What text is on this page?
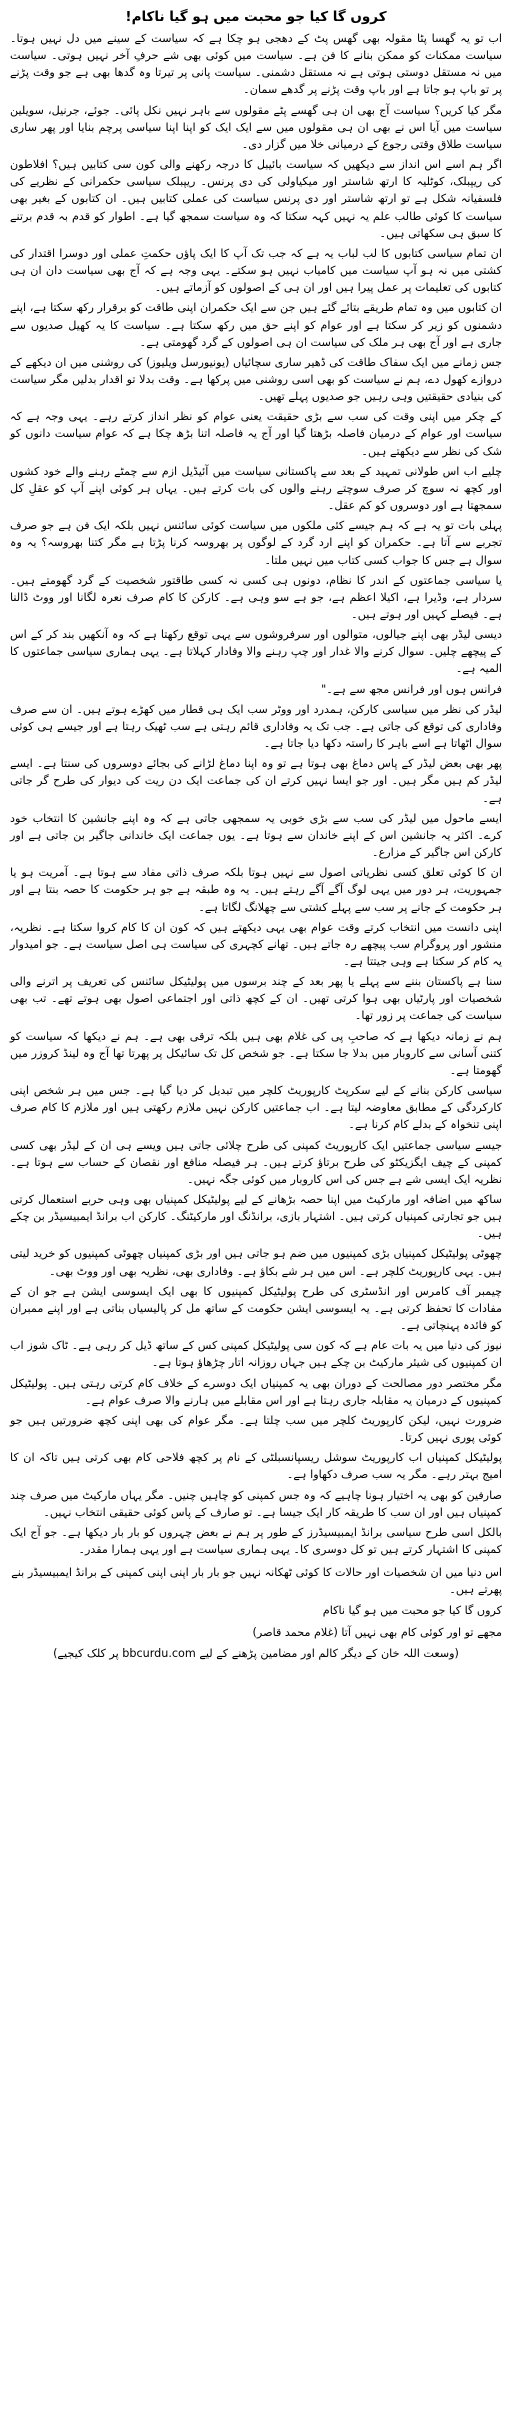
کروں گا کیا جو محبت میں ہو گیا ناکام!

اب تو یہ گھسا پٹا مقولہ بھی گھس پٹ کے دھجی ہو چکا ہے کہ سیاست کے سینے میں دل نہیں ہوتا۔ سیاست ممکنات کو ممکن بنانے کا فن ہے۔ سیاست میں کوئی بھی شے حرفِ آخر نہیں ہوتی۔ سیاست میں نہ مستقل دوستی ہوتی ہے نہ مستقل دشمنی۔ سیاست پانی پر تیرتا وہ گدھا بھی ہے جو وقت پڑنے پر تو باپ ہو جاتا ہے اور باپ وقت پڑنے پر گدھے سمان۔

مگر کیا کریں؟ سیاست آج بھی ان ہی گھسے پٹے مقولوں سے باہر نہیں نکل پائی۔ جوئے، جرنیل، سویلین سیاست میں آیا اس نے بھی ان ہی مقولوں میں سے ایک ایک کو اپنا اپنا سیاسی پرچم بنایا اور پھر ساری سیاست طلاق وقتی رجوع کے درمیانی خلا میں گزار دی۔

اگر ہم اسے اس انداز سے دیکھیں کہ سیاست بائیبل کا درجہ رکھنے والی کون سی کتابیں ہیں؟ افلاطون کی ریپبلک، کوٹلیہ کا ارتھ شاستر اور میکیاولی کی دی پرنس۔ ریپبلک سیاسی حکمرانی کے نظریے کی فلسفیانہ شکل ہے تو ارتھ شاستر اور دی پرنس سیاست کی عملی کتابیں ہیں۔ ان کتابوں کے بغیر بھی سیاست کا کوئی طالب علم یہ نہیں کہہ سکتا کہ وہ سیاست سمجھ گیا ہے۔ اطوار کو قدم بہ قدم برتنے کا سبق ہی سکھاتی ہیں۔

ان تمام سیاسی کتابوں کا لب لباب یہ ہے کہ جب تک آپ کا ایک پاؤں حکمتِ عملی اور دوسرا اقتدار کی کشتی میں نہ ہو آپ سیاست میں کامیاب نہیں ہو سکتے۔ یہی وجہ ہے کہ آج بھی سیاست دان ان ہی کتابوں کی تعلیمات پر عمل پیرا ہیں اور ان ہی کے اصولوں کو آزماتے ہیں۔

ان کتابوں میں وہ تمام طریقے بتائے گئے ہیں جن سے ایک حکمران اپنی طاقت کو برقرار رکھ سکتا ہے، اپنے دشمنوں کو زیر کر سکتا ہے اور عوام کو اپنے حق میں رکھ سکتا ہے۔ سیاست کا یہ کھیل صدیوں سے جاری ہے اور آج بھی ہر ملک کی سیاست ان ہی اصولوں کے گرد گھومتی ہے۔

جس زمانے میں ایک سفاک طاقت کی ڈھیر ساری سچائیاں (یونیورسل ویلیوز) کی روشنی میں ان دیکھے کے دروازے کھول دے، ہم نے سیاست کو بھی اسی روشنی میں پرکھا ہے۔ وقت بدلا تو اقدار بدلیں مگر سیاست کی بنیادی حقیقتیں وہی رہیں جو صدیوں پہلے تھیں۔

کے چکر میں اپنی وقت کی سب سے بڑی حقیقت یعنی عوام کو نظر انداز کرتے رہے۔ یہی وجہ ہے کہ سیاست اور عوام کے درمیان فاصلہ بڑھتا گیا اور آج یہ فاصلہ اتنا بڑھ چکا ہے کہ عوام سیاست دانوں کو شک کی نظر سے دیکھتے ہیں۔

چلیے اب اس طولانی تمہید کے بعد سے پاکستانی سیاست میں آئیڈیل ازم سے چمٹے رہنے والے خود کشوں اور کچھ نہ سوچ کر صرف سوچتے رہنے والوں کی بات کرتے ہیں۔ یہاں ہر کوئی اپنے آپ کو عقلِ کل سمجھتا ہے اور دوسروں کو کم عقل۔

پہلی بات تو یہ ہے کہ ہم جیسے کئی ملکوں میں سیاست کوئی سائنس نہیں بلکہ ایک فن ہے جو صرف تجربے سے آتا ہے۔ حکمران کو اپنے ارد گرد کے لوگوں پر بھروسہ کرنا پڑتا ہے مگر کتنا بھروسہ؟ یہ وہ سوال ہے جس کا جواب کسی کتاب میں نہیں ملتا۔

یا سیاسی جماعتوں کے اندر کا نظام، دونوں ہی کسی نہ کسی طاقتور شخصیت کے گرد گھومتے ہیں۔ سردار ہے، وڈیرا ہے، اکیلا اعظم ہے، جو ہے سو وہی ہے۔ کارکن کا کام صرف نعرہ لگانا اور ووٹ ڈالنا ہے۔ فیصلے کہیں اور ہوتے ہیں۔

دیسی لیڈر بھی اپنے جیالوں، متوالوں اور سرفروشوں سے یہی توقع رکھتا ہے کہ وہ آنکھیں بند کر کے اس کے پیچھے چلیں۔ سوال کرنے والا غدار اور چپ رہنے والا وفادار کہلاتا ہے۔ یہی ہماری سیاسی جماعتوں کا المیہ ہے۔

فرانس ہوں اور فرانس مجھ سے ہے۔"

لیڈر کی نظر میں سیاسی کارکن، ہمدرد اور ووٹر سب ایک ہی قطار میں کھڑے ہوتے ہیں۔ ان سے صرف وفاداری کی توقع کی جاتی ہے۔ جب تک یہ وفاداری قائم رہتی ہے سب ٹھیک رہتا ہے اور جیسے ہی کوئی سوال اٹھاتا ہے اسے باہر کا راستہ دکھا دیا جاتا ہے۔

پھر بھی بعض لیڈر کے پاس دماغ بھی ہوتا ہے تو وہ اپنا دماغ لڑانے کی بجائے دوسروں کی سنتا ہے۔ ایسے لیڈر کم ہیں مگر ہیں۔ اور جو ایسا نہیں کرتے ان کی جماعت ایک دن ریت کی دیوار کی طرح گر جاتی ہے۔

ایسے ماحول میں لیڈر کی سب سے بڑی خوبی یہ سمجھی جاتی ہے کہ وہ اپنے جانشین کا انتخاب خود کرے۔ اکثر یہ جانشین اس کے اپنے خاندان سے ہوتا ہے۔ یوں جماعت ایک خاندانی جاگیر بن جاتی ہے اور کارکن اس جاگیر کے مزارع۔

ان کا کوئی تعلق کسی نظریاتی اصول سے نہیں ہوتا بلکہ صرف ذاتی مفاد سے ہوتا ہے۔ آمریت ہو یا جمہوریت، ہر دور میں یہی لوگ آگے آگے رہتے ہیں۔ یہ وہ طبقہ ہے جو ہر حکومت کا حصہ بنتا ہے اور ہر حکومت کے جانے پر سب سے پہلے کشتی سے چھلانگ لگاتا ہے۔

اپنی دانست میں انتخاب کرتے وقت عوام بھی یہی دیکھتے ہیں کہ کون ان کا کام کروا سکتا ہے۔ نظریہ، منشور اور پروگرام سب پیچھے رہ جاتے ہیں۔ تھانے کچہری کی سیاست ہی اصل سیاست ہے۔ جو امیدوار یہ کام کر سکتا ہے وہی جیتتا ہے۔

سنا ہے پاکستان بننے سے پہلے یا پھر بعد کے چند برسوں میں پولیٹیکل سائنس کی تعریف پر اترنے والی شخصیات اور پارٹیاں بھی ہوا کرتی تھیں۔ ان کے کچھ ذاتی اور اجتماعی اصول بھی ہوتے تھے۔ تب بھی سیاست کی جماعت پر زور تھا۔

ہم نے زمانہ دیکھا ہے کہ صاحبِ پی کی غلام بھی ہیں بلکہ ترقی بھی ہے۔ ہم نے دیکھا کہ سیاست کو کتنی آسانی سے کاروبار میں بدلا جا سکتا ہے۔ جو شخص کل تک سائیکل پر پھرتا تھا آج وہ لینڈ کروزر میں گھومتا ہے۔

سیاسی کارکن بنانے کے لیے سکرپٹ کارپوریٹ کلچر میں تبدیل کر دیا گیا ہے۔ جس میں ہر شخص اپنی کارکردگی کے مطابق معاوضہ لیتا ہے۔ اب جماعتیں کارکن نہیں ملازم رکھتی ہیں اور ملازم کا کام صرف اپنی تنخواہ کے بدلے کام کرنا ہے۔

جیسے سیاسی جماعتیں ایک کارپوریٹ کمپنی کی طرح چلائی جاتی ہیں ویسے ہی ان کے لیڈر بھی کسی کمپنی کے چیف ایگزیکٹو کی طرح برتاؤ کرتے ہیں۔ ہر فیصلہ منافع اور نقصان کے حساب سے ہوتا ہے۔ نظریہ ایک ایسی شے ہے جس کی اس کاروبار میں کوئی جگہ نہیں۔

ساکھ میں اضافہ اور مارکیٹ میں اپنا حصہ بڑھانے کے لیے پولیٹیکل کمپنیاں بھی وہی حربے استعمال کرتی ہیں جو تجارتی کمپنیاں کرتی ہیں۔ اشتہار بازی، برانڈنگ اور مارکیٹنگ۔ کارکن اب برانڈ ایمبیسیڈر بن چکے ہیں۔

چھوٹی پولیٹیکل کمپنیاں بڑی کمپنیوں میں ضم ہو جاتی ہیں اور بڑی کمپنیاں چھوٹی کمپنیوں کو خرید لیتی ہیں۔ یہی کارپوریٹ کلچر ہے۔ اس میں ہر شے بکاؤ ہے۔ وفاداری بھی، نظریہ بھی اور ووٹ بھی۔

چیمبر آف کامرس اور انڈسٹری کی طرح پولیٹیکل کمپنیوں کا بھی ایک ایسوسی ایشن ہے جو ان کے مفادات کا تحفظ کرتی ہے۔ یہ ایسوسی ایشن حکومت کے ساتھ مل کر پالیسیاں بناتی ہے اور اپنے ممبران کو فائدہ پہنچاتی ہے۔

نیوز کی دنیا میں یہ بات عام ہے کہ کون سی پولیٹیکل کمپنی کس کے ساتھ ڈیل کر رہی ہے۔ ٹاک شوز اب ان کمپنیوں کی شیئر مارکیٹ بن چکے ہیں جہاں روزانہ اتار چڑھاؤ ہوتا ہے۔

مگر مختصر دور مصالحت کے دوران بھی یہ کمپنیاں ایک دوسرے کے خلاف کام کرتی رہتی ہیں۔ پولیٹیکل کمپنیوں کے درمیان یہ مقابلہ جاری رہتا ہے اور اس مقابلے میں ہارنے والا صرف عوام ہے۔

ضرورت نہیں، لیکن کارپوریٹ کلچر میں سب چلتا ہے۔ مگر عوام کی بھی اپنی کچھ ضرورتیں ہیں جو کوئی پوری نہیں کرتا۔

پولیٹیکل کمپنیاں اب کارپوریٹ سوشل ریسپانسبلٹی کے نام پر کچھ فلاحی کام بھی کرتی ہیں تاکہ ان کا امیج بہتر رہے۔ مگر یہ سب صرف دکھاوا ہے۔

صارفین کو بھی یہ اختیار ہونا چاہیے کہ وہ جس کمپنی کو چاہیں چنیں۔ مگر یہاں مارکیٹ میں صرف چند کمپنیاں ہیں اور ان سب کا طریقہ کار ایک جیسا ہے۔ تو صارف کے پاس کوئی حقیقی انتخاب نہیں۔

بالکل اسی طرح سیاسی برانڈ ایمبیسیڈرز کے طور پر ہم نے بعض چہروں کو بار بار دیکھا ہے۔ جو آج ایک کمپنی کا اشتہار کرتے ہیں تو کل دوسری کا۔ یہی ہماری سیاست ہے اور یہی ہمارا مقدر۔

اس دنیا میں ان شخصیات اور حالات کا کوئی ٹھکانہ نہیں جو بار بار اپنی اپنی کمپنی کے برانڈ ایمبیسیڈر بنے پھرتے ہیں۔

کروں گا کیا جو محبت میں ہو گیا ناکام

مجھے تو اور کوئی کام بھی نہیں آتا (غلام محمد قاصر)

(وسعت اللہ خان کے دیگر کالم اور مضامین پڑھنے کے لیے bbcurdu.com پر کلک کیجیے)
